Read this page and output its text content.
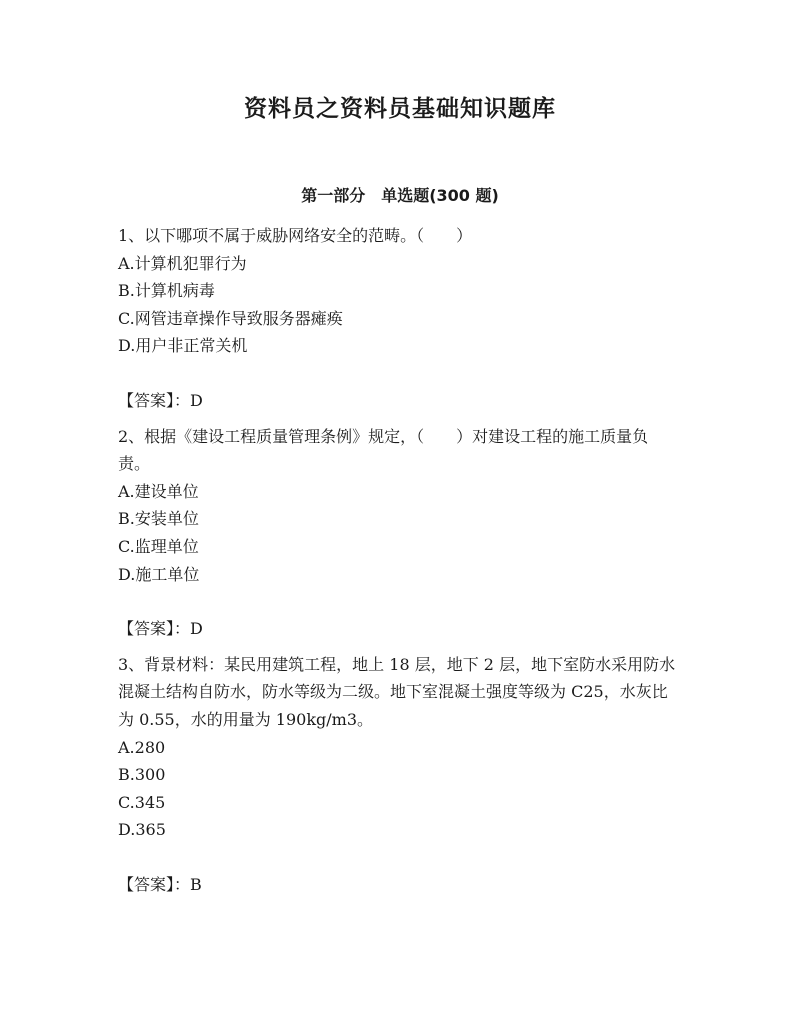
资料员之资料员基础知识题库
第一部分　单选题(300 题)

1、以下哪项不属于威胁网络安全的范畴。（　　）

A.计算机犯罪行为

B.计算机病毒

C.网管违章操作导致服务器瘫痪

D.用户非正常关机

【答案】：D

2、根据《建设工程质量管理条例》规定，（　　）对建设工程的施工质量负责。

A.建设单位

B.安装单位

C.监理单位

D.施工单位

【答案】：D

3、背景材料：某民用建筑工程，地上 18 层，地下 2 层，地下室防水采用防水混凝土结构自防水，防水等级为二级。地下室混凝土强度等级为 C25，水灰比为 0.55，水的用量为 190kg/m3。

A.280

B.300

C.345

D.365

【答案】：B
